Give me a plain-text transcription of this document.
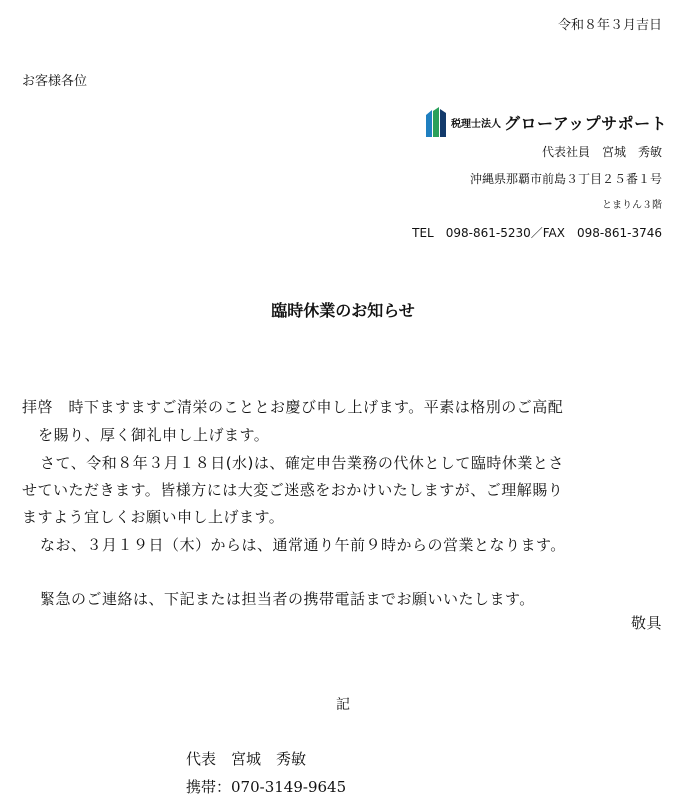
令和８年３月吉日
お客様各位
税理士法人 グローアップサポート
代表社員　宮城　秀敏
沖縄県那覇市前島３丁目２５番１号
とまりん３階
TEL　098-861-5230／FAX　098-861-3746
臨時休業のお知らせ
拝啓　時下ますますご清栄のこととお慶び申し上げます。平素は格別のご高配
を賜り、厚く御礼申し上げます。
さて、令和８年３月１８日(水)は、確定申告業務の代休として臨時休業とさ
せていただきます。皆様方には大変ご迷惑をおかけいたしますが、ご理解賜り
ますよう宜しくお願い申し上げます。
なお、３月１９日（木）からは、通常通り午前９時からの営業となります。
緊急のご連絡は、下記または担当者の携帯電話までお願いいたします。
敬具
記
代表　宮城　秀敏
携帯：070-3149-9645
